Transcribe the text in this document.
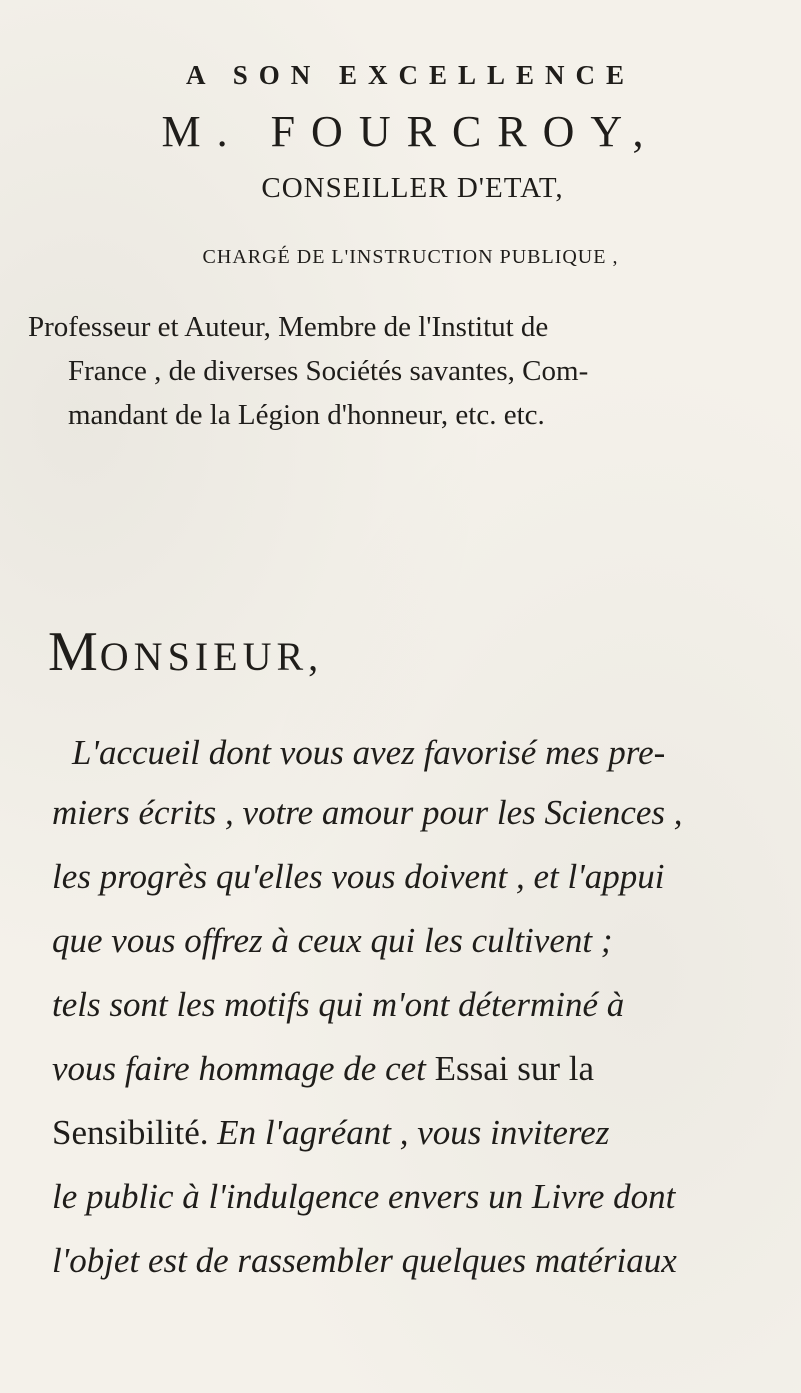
A SON EXCELLENCE
M. FOURCROY,
CONSEILLER D'ETAT,
CHARGÉ DE L'INSTRUCTION PUBLIQUE ,
Professeur et Auteur, Membre de l'Institut de
France , de diverses Sociétés savantes, Com-
mandant de la Légion d'honneur, etc. etc.
MONSIEUR,
L'accueil dont vous avez favorisé mes pre-
miers écrits , votre amour pour les Sciences ,
les progrès qu'elles vous doivent , et l'appui
que vous offrez à ceux qui les cultivent ;
tels sont les motifs qui m'ont déterminé à
vous faire hommage de cet Essai sur la
Sensibilité. En l'agréant , vous inviterez
le public à l'indulgence envers un Livre dont
l'objet est de rassembler quelques matériaux
